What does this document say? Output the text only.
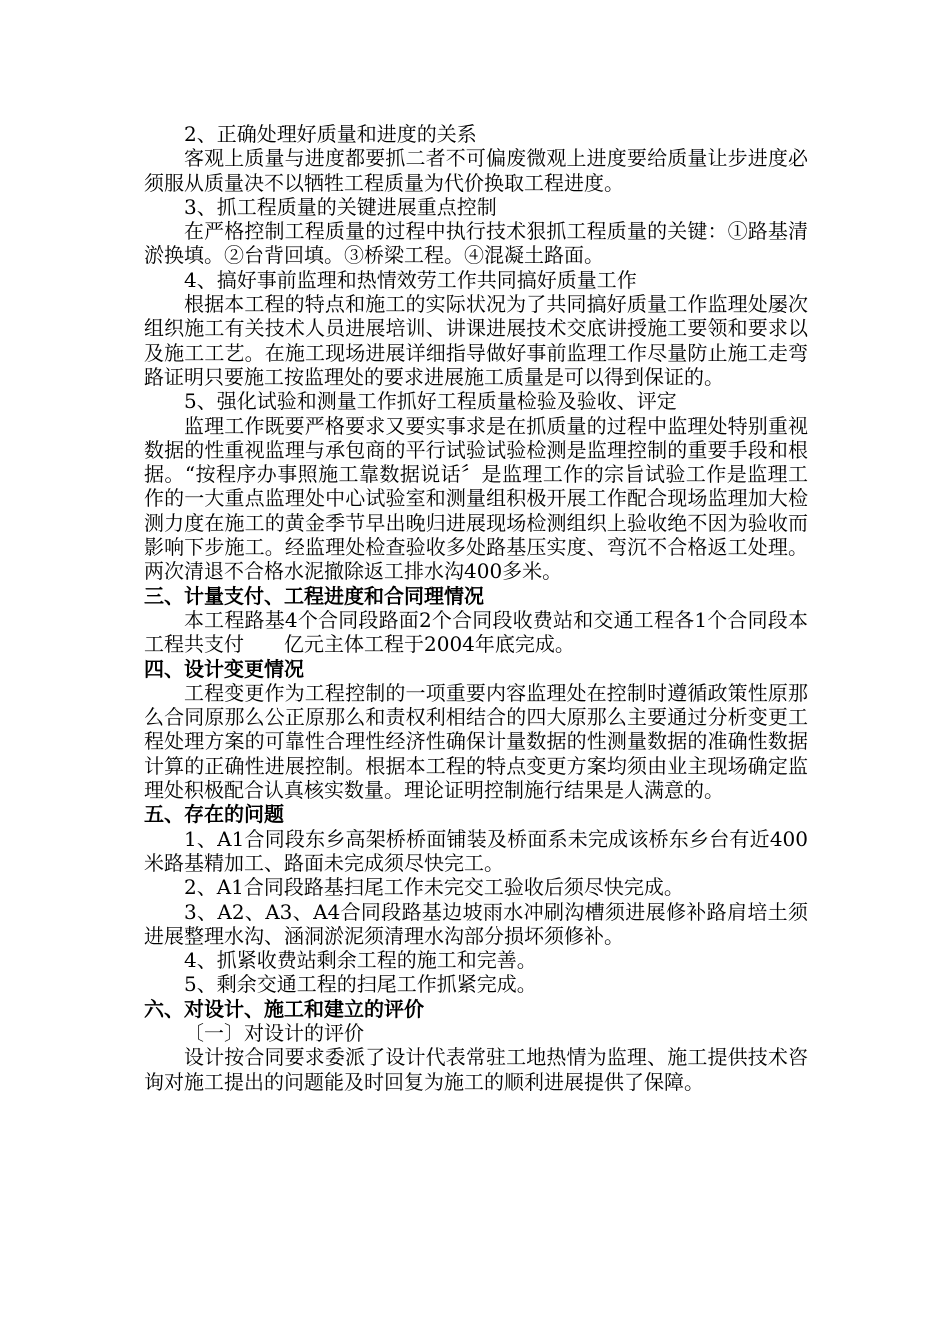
2、正确处理好质量和进度的关系

客观上质量与进度都要抓二者不可偏废微观上进度要给质量让步进度必须服从质量决不以牺牲工程质量为代价换取工程进度。

3、抓工程质量的关键进展重点控制

在严格控制工程质量的过程中执行技术狠抓工程质量的关键：①路基清淤换填。②台背回填。③桥梁工程。④混凝土路面。

4、搞好事前监理和热情效劳工作共同搞好质量工作

根据本工程的特点和施工的实际状况为了共同搞好质量工作监理处屡次组织施工有关技术人员进展培训、讲课进展技术交底讲授施工要领和要求以及施工工艺。在施工现场进展详细指导做好事前监理工作尽量防止施工走弯路证明只要施工按监理处的要求进展施工质量是可以得到保证的。

5、强化试验和测量工作抓好工程质量检验及验收、评定

监理工作既要严格要求又要实事求是在抓质量的过程中监理处特别重视数据的性重视监理与承包商的平行试验试验检测是监理控制的重要手段和根据。“按程序办事照施工靠数据说话〞是监理工作的宗旨试验工作是监理工作的一大重点监理处中心试验室和测量组积极开展工作配合现场监理加大检测力度在施工的黄金季节早出晚归进展现场检测组织上验收绝不因为验收而影响下步施工。经监理处检查验收多处路基压实度、弯沉不合格返工处理。两次清退不合格水泥撤除返工排水沟400多米。

三、计量支付、工程进度和合同理情况

本工程路基4个合同段路面2个合同段收费站和交通工程各1个合同段本工程共支付　　亿元主体工程于2004年底完成。

四、设计变更情况

工程变更作为工程控制的一项重要内容监理处在控制时遵循政策性原那么合同原那么公正原那么和责权利相结合的四大原那么主要通过分析变更工程处理方案的可靠性合理性经济性确保计量数据的性测量数据的准确性数据计算的正确性进展控制。根据本工程的特点变更方案均须由业主现场确定监理处积极配合认真核实数量。理论证明控制施行结果是人满意的。

五、存在的问题

1、A1合同段东乡高架桥桥面铺装及桥面系未完成该桥东乡台有近400米路基精加工、路面未完成须尽快完工。

2、A1合同段路基扫尾工作未完交工验收后须尽快完成。

3、A2、A3、A4合同段路基边坡雨水冲刷沟槽须进展修补路肩培土须进展整理水沟、涵洞淤泥须清理水沟部分损坏须修补。

4、抓紧收费站剩余工程的施工和完善。

5、剩余交通工程的扫尾工作抓紧完成。

六、对设计、施工和建立的评价

〔一〕对设计的评价

设计按合同要求委派了设计代表常驻工地热情为监理、施工提供技术咨询对施工提出的问题能及时回复为施工的顺利进展提供了保障。
